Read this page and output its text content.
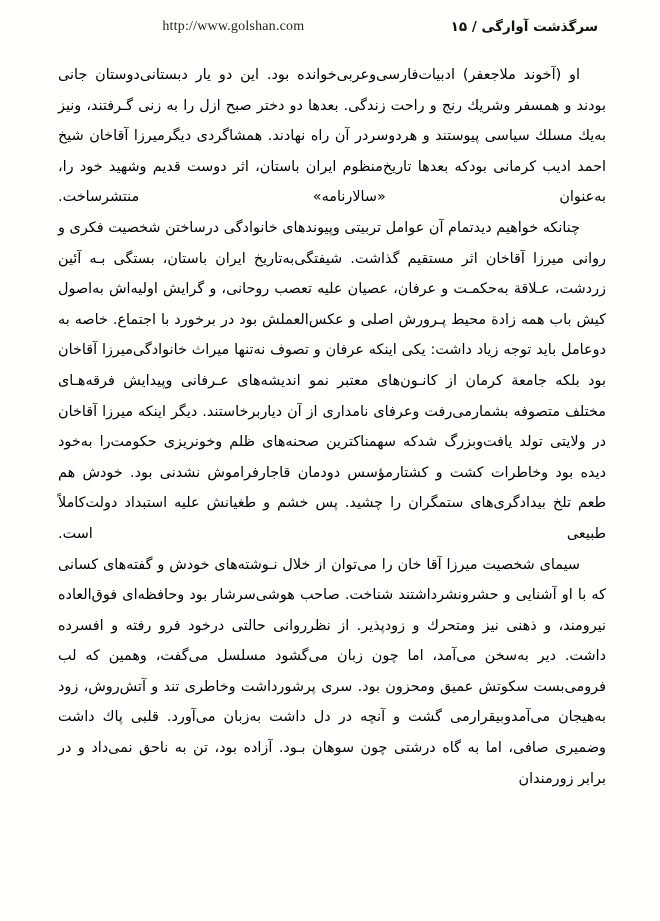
http://www.golshan.com	سرگذشت آوارگی / ۱۵

او (آخوند ملاجعفر) ادبیات‌فارسی‌وعربی‌خوانده بود. این دو یار دبستانی‌دوستان جانی بودند و همسفر وشریك رنج و راحت زندگی. بعدها دو دختر صبح ازل را به زنی گـرفتند، ونیز به‌یك مسلك سیاسی پیوستند و هردوسردر آن راه نهادند. همشاگردی دیگرمیرزا آقاخان شیخ احمد ادیب کرمانی بودکه بعدها تاریخ‌منظوم ایران باستان، اثر دوست قدیم وشهید خود را، به‌عنوان «سالارنامه» منتشرساخت.

چنانکه خواهیم دیدتمام آن عوامل تربیتی وپیوندهای خانوادگی درساختن شخصیت فکری و روانی میرزا آقاخان اثر مستقیم گذاشت. شیفتگی‌به‌تاریخ ایران باستان، بستگی بـه آئین زردشت، عـلاقة به‌حکمـت و عرفان، عصیان علیه تعصب روحانی، و گرایش اولیه‌اش به‌اصول کیش باب همه زادة محیط پـرورش اصلی و عکس‌العملش بود در برخورد با اجتماع. خاصه به دوعامل باید توجه زیاد داشت: یکی اینکه عرفان و تصوف نه‌تنها میراث خانوادگی‌میرزا آقاخان بود بلکه جامعة کرمان از کانـون‌های معتبر نمو اندیشه‌های عـرفانی وپیدایش فرقه‌هـای مختلف متصوفه بشمارمی‌رفت وعرفای نامداری از آن دیاربرخاستند. دیگر اینکه میرزا آقا‌خان در ولایتی تولد یافت‌وبزرگ شدکه سهمناکترین صحنه‌های ظلم وخونریزی حکومت‌را به‌خود دیده بود وخاطرات کشت و کشتارمؤسس دودمان قاجارفراموش نشدنی بود. خودش هم طعم تلخ بیدادگری‌های ستمگران را چشید. پس خشم و طغیانش علیه استبداد دولت‌کاملاً طبیعی است.

سیمای شخصیت میرزا آقا خان را می‌توان از خلال نـوشته‌های خودش و گفته‌های کسانی که با او آشنایی و حشرونشرداشتند شناخت. صاحب هوشی‌سرشار بود وحافظه‌ای فوق‌العاده نیرومند، و ذهنی نیز ومتحرك و زودپذیر. از نظرروانی حالتی درخود فرو رفته و افسرده داشت. دیر به‌سخن می‌آمد، اما چون زبان می‌گشود مسلسل می‌گفت، وهمین که لب فرومی‌بست سکوتش عمیق ومحزون بود. سری پرشورداشت وخاطری تند و آتش‌روش، زود به‌هیجان می‌آمدوبیقرارمی گشت و آنچه در دل داشت به‌زبان می‌آورد. قلبی پاك داشت وضمیری صافی، اما به گاه درشتی چون سوهان بـود. آزاده بود، تن به ناحق نمی‌داد و در برابر زورمندان
